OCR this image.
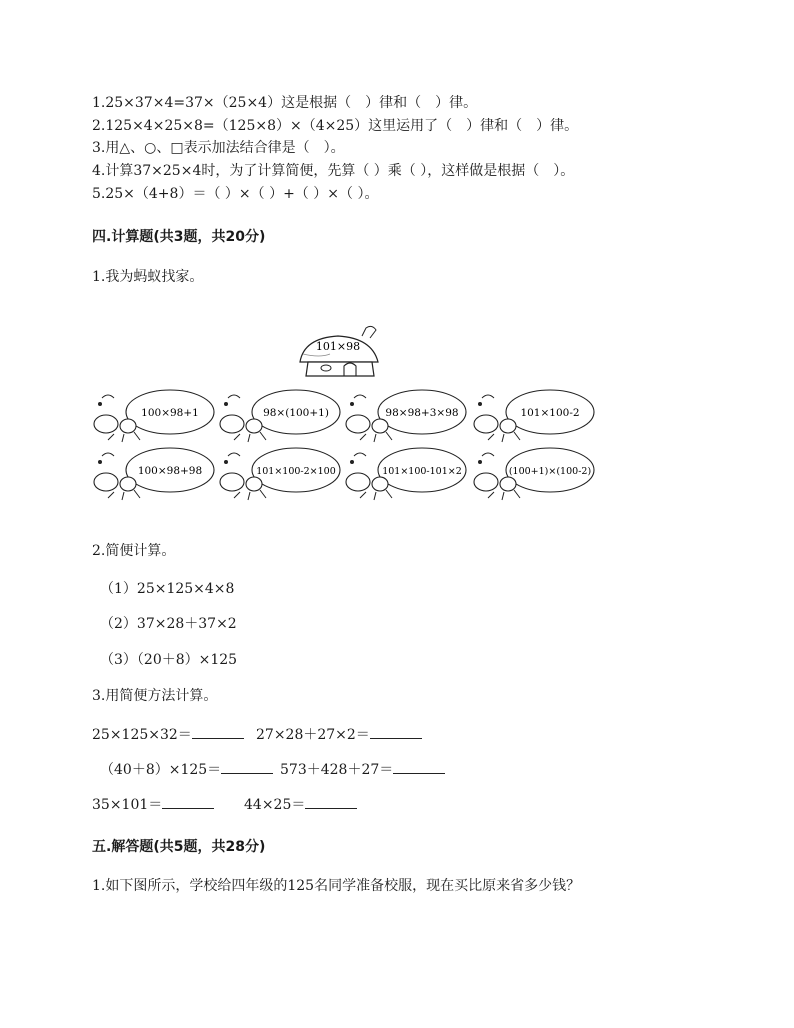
1.25×37×4=37×（25×4）这是根据（　）律和（　）律。
2.125×4×25×8=（125×8）×（4×25）这里运用了（　）律和（　）律。
3.用△、○、□表示加法结合律是（　）。
4.计算37×25×4时，为了计算简便，先算（ ）乘（ ），这样做是根据（　）。
5.25×（4+8）＝（ ）×（ ）+（ ）×（ ）。
四.计算题(共3题，共20分)
1.我为蚂蚁找家。
101×98
100×98+1	98×(100+1)	98×98+3×98	101×100-2
100×98+98	101×100-2×100	101×100-101×2	(100+1)×(100-2)
2.简便计算。
（1）25×125×4×8
（2）37×28＋37×2
（3）（20＋8）×125
3.用简便方法计算。
25×125×32＝	27×28＋27×2＝
（40＋8）×125＝	573＋428＋27＝
35×101＝	44×25＝
五.解答题(共5题，共28分)
1.如下图所示，学校给四年级的125名同学准备校服，现在买比原来省多少钱？
